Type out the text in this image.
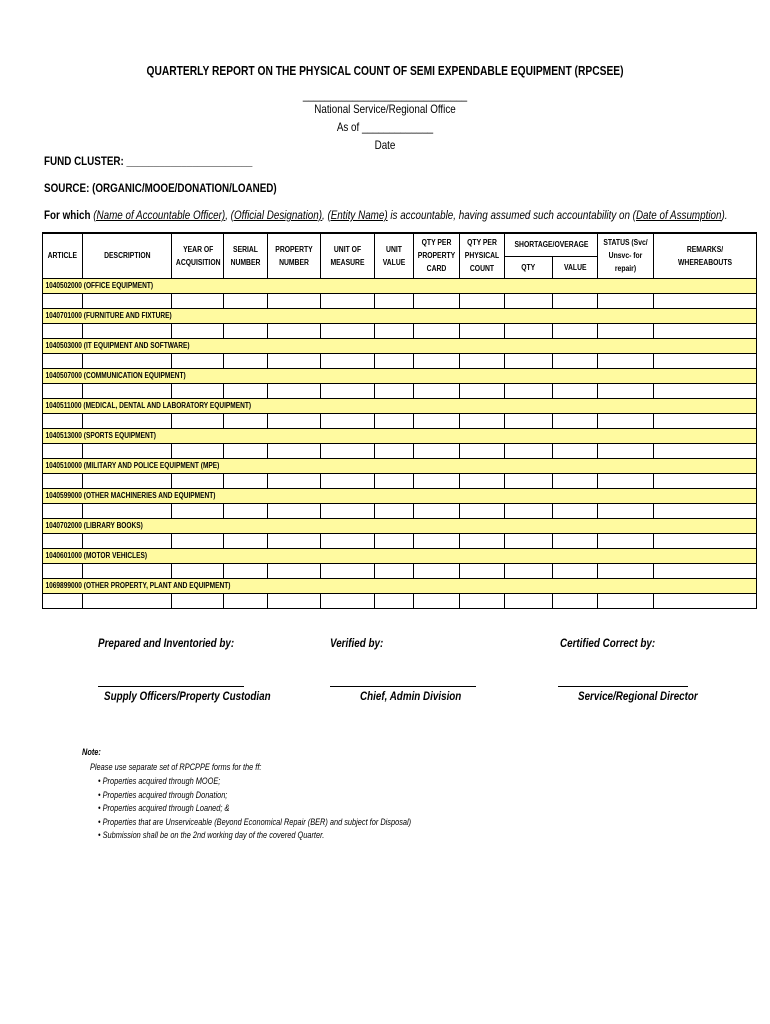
QUARTERLY REPORT ON THE PHYSICAL COUNT OF SEMI EXPENDABLE EQUIPMENT (RPCSEE)
______________________________
National Service/Regional Office
As of _____________
Date
FUND CLUSTER: _______________________
SOURCE: (ORGANIC/MOOE/DONATION/LOANED)
For which (Name of Accountable Officer), (Official Designation), (Entity Name) is accountable, having assumed such accountability on (Date of Assumption).
ARTICLE	DESCRIPTION	YEAR OF ACQUISITION	SERIAL NUMBER	PROPERTY NUMBER	UNIT OF MEASURE	UNIT VALUE	QTY PER PROPERTY CARD	QTY PER PHYSICAL COUNT	SHORTAGE/OVERAGE		STATUS (Svc/ Unsvc- for repair)	REMARKS/ WHEREABOUTS
									QTY	VALUE		
1040502000 (OFFICE EQUIPMENT)												

1040701000 (FURNITURE AND FIXTURE)												

1040503000 (IT EQUIPMENT AND SOFTWARE)												

1040507000 (COMMUNICATION EQUIPMENT)												

1040511000 (MEDICAL, DENTAL AND LABORATORY EQUIPMENT)												

1040513000 (SPORTS EQUIPMENT)												

1040510000 (MILITARY AND POLICE EQUIPMENT (MPE)												

1040599000 (OTHER MACHINERIES AND EQUIPMENT)												

1040702000 (LIBRARY BOOKS)												

1040601000 (MOTOR VEHICLES)												

1069899000 (OTHER PROPERTY, PLANT AND EQUIPMENT)												

Prepared and Inventoried by:	Verified by:	Certified Correct by:
Supply Officers/Property Custodian	Chief, Admin Division	Service/Regional Director
Note:
Please use separate set of RPCPPE forms for the ff:
• Properties acquired through MOOE;
• Properties acquired through Donation;
• Properties acquired through Loaned; &
• Properties that are Unserviceable (Beyond Economical Repair (BER) and subject for Disposal)
• Submission shall be on the 2nd working day of the covered Quarter.
